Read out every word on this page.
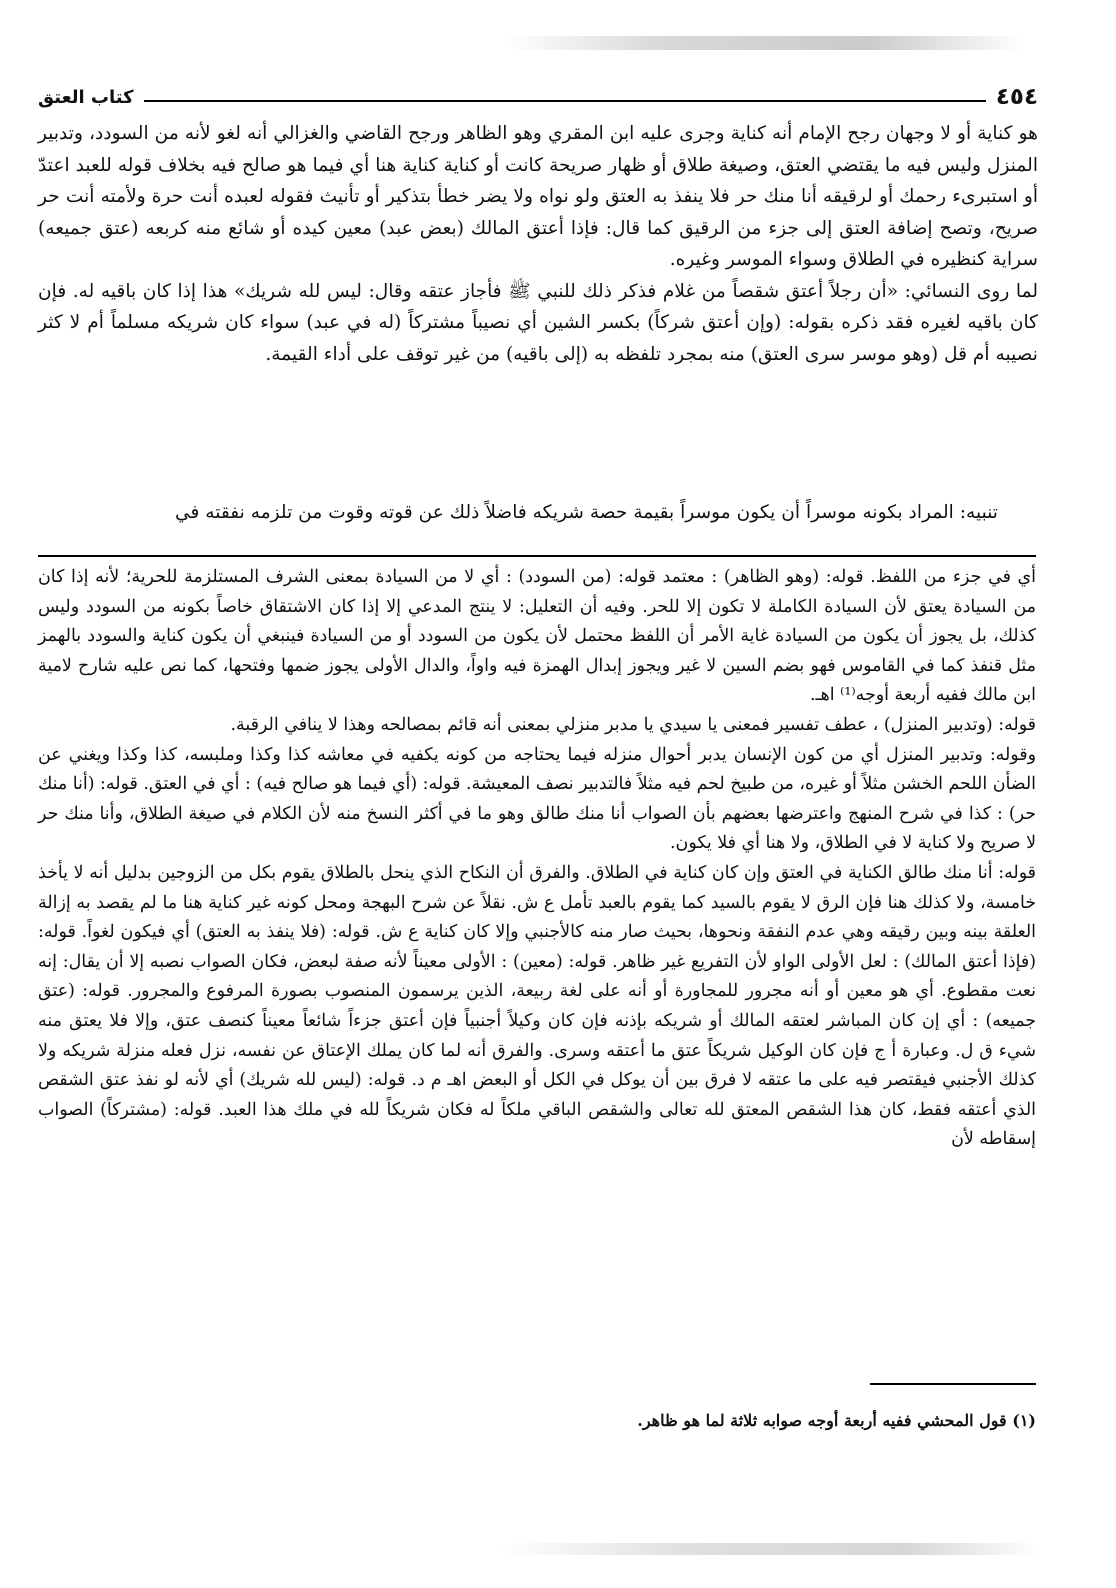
٤٥٤
كتاب العتق

هو كناية أو لا وجهان رجح الإمام أنه كناية وجرى عليه ابن المقري وهو الظاهر ورجح القاضي والغزالي أنه لغو لأنه من السودد، وتدبير المنزل وليس فيه ما يقتضي العتق، وصيغة طلاق أو ظهار صريحة كانت أو كناية كناية هنا أي فيما هو صالح فيه بخلاف قوله للعبد اعتدّ أو استبرىء رحمك أو لرقيقه أنا منك حر فلا ينفذ به العتق ولو نواه ولا يضر خطأ بتذكير أو تأنيث فقوله لعبده أنت حرة ولأمته أنت حر صريح، وتصح إضافة العتق إلى جزء من الرقيق كما قال: فإذا أعتق المالك (بعض عبد) معين كيده أو شائع منه كربعه (عتق جميعه) سراية كنظيره في الطلاق وسواء الموسر وغيره.

لما روى النسائي: «أن رجلاً أعتق شقصاً من غلام فذكر ذلك للنبي ﷺ فأجاز عتقه وقال: ليس لله شريك» هذا إذا كان باقيه له. فإن كان باقيه لغيره فقد ذكره بقوله: (وإن أعتق شركاً) بكسر الشين أي نصيباً مشتركاً (له في عبد) سواء كان شريكه مسلماً أم لا كثر نصيبه أم قل (وهو موسر سرى العتق) منه بمجرد تلفظه به (إلى باقيه) من غير توقف على أداء القيمة.

تنبيه: المراد بكونه موسراً أن يكون موسراً بقيمة حصة شريكه فاضلاً ذلك عن قوته وقوت من تلزمه نفقته في

أي في جزء من اللفظ. قوله: (وهو الظاهر) : معتمد قوله: (من السودد) : أي لا من السيادة بمعنى الشرف المستلزمة للحرية؛ لأنه إذا كان من السيادة يعتق لأن السيادة الكاملة لا تكون إلا للحر. وفيه أن التعليل: لا ينتج المدعي إلا إذا كان الاشتقاق خاصاً بكونه من السودد وليس كذلك، بل يجوز أن يكون من السيادة غاية الأمر أن اللفظ محتمل لأن يكون من السودد أو من السيادة فينبغي أن يكون كناية والسودد بالهمز مثل قنفذ كما في القاموس فهو بضم السين لا غير ويجوز إبدال الهمزة فيه واواً، والدال الأولى يجوز ضمها وفتحها، كما نص عليه شارح لامية ابن مالك ففيه أربعة أوجه⁽¹⁾ اهـ.

قوله: (وتدبير المنزل) ، عطف تفسير فمعنى يا سيدي يا مدبر منزلي بمعنى أنه قائم بمصالحه وهذا لا ينافي الرقبة.

وقوله: وتدبير المنزل أي من كون الإنسان يدبر أحوال منزله فيما يحتاجه من كونه يكفيه في معاشه كذا وكذا وملبسه، كذا وكذا ويغني عن الضأن اللحم الخشن مثلاً أو غيره، من طبيخ لحم فيه مثلاً فالتدبير نصف المعيشة. قوله: (أي فيما هو صالح فيه) : أي في العتق. قوله: (أنا منك حر) : كذا في شرح المنهج واعترضها بعضهم بأن الصواب أنا منك طالق وهو ما في أكثر النسخ منه لأن الكلام في صيغة الطلاق، وأنا منك حر لا صريح ولا كناية لا في الطلاق، ولا هنا أي فلا يكون.

قوله: أنا منك طالق الكناية في العتق وإن كان كناية في الطلاق. والفرق أن النكاح الذي ينحل بالطلاق يقوم بكل من الزوجين بدليل أنه لا يأخذ خامسة، ولا كذلك هنا فإن الرق لا يقوم بالسيد كما يقوم بالعبد تأمل ع ش. نقلاً عن شرح البهجة ومحل كونه غير كناية هنا ما لم يقصد به إزالة العلقة بينه وبين رقيقه وهي عدم النفقة ونحوها، بحيث صار منه كالأجنبي وإلا كان كناية ع ش. قوله: (فلا ينفذ به العتق) أي فيكون لغواً. قوله: (فإذا أعتق المالك) : لعل الأولى الواو لأن التفريع غير ظاهر. قوله: (معين) : الأولى معيناً لأنه صفة لبعض، فكان الصواب نصبه إلا أن يقال: إنه نعت مقطوع. أي هو معين أو أنه مجرور للمجاورة أو أنه على لغة ربيعة، الذين يرسمون المنصوب بصورة المرفوع والمجرور. قوله: (عتق جميعه) : أي إن كان المباشر لعتقه المالك أو شريكه بإذنه فإن كان وكيلاً أجنبياً فإن أعتق جزءاً شائعاً معيناً كنصف عتق، وإلا فلا يعتق منه شيء ق ل. وعبارة أ ج فإن كان الوكيل شريكاً عتق ما أعتقه وسرى. والفرق أنه لما كان يملك الإعتاق عن نفسه، نزل فعله منزلة شريكه ولا كذلك الأجنبي فيقتصر فيه على ما عتقه لا فرق بين أن يوكل في الكل أو البعض اهـ م د. قوله: (ليس لله شريك) أي لأنه لو نفذ عتق الشقص الذي أعتقه فقط، كان هذا الشقص المعتق لله تعالى والشقص الباقي ملكاً له فكان شريكاً لله في ملك هذا العبد. قوله: (مشتركاً) الصواب إسقاطه لأن

(١) قول المحشي ففيه أربعة أوجه صوابه ثلاثة لما هو ظاهر.
